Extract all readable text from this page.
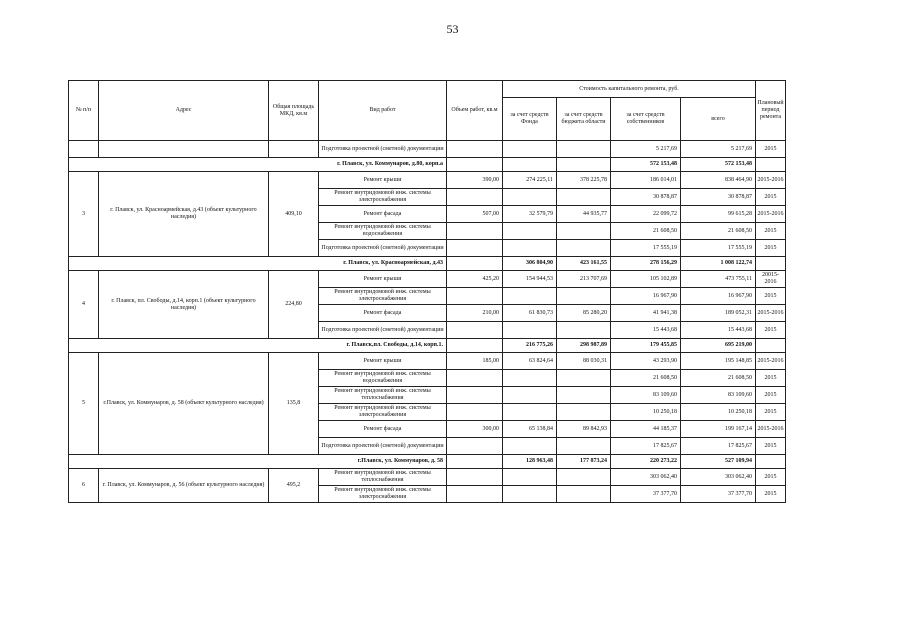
53
№ п/п	Адрес	Общая площадь МКД, кв.м	Вид работ	Объем работ, кв.м	Стоимость капитального ремонта, руб.				Плановый период ремонта
					за счет средств Фонда	за счет средств бюджета области	за счет средств собственников	всего	
			Подготовка проектной (сметной) документации				5 217,69	5 217,69	2015
г. Плавск, ул. Коммунаров, д.80, корп.а							572 153,48	572 153,48	
3	г. Плавск, ул. Красноармейская, д.43 (объект культурного наследия)	409,10	Ремонт крыши	390,00	274 225,11	378 225,78	186 014,01	838 464,90	2015-2016
			Ремонт внутридомовой инж. системы электроснабжения				30 878,87	30 878,87	2015
			Ремонт фасада	507,00	32 579,79	44 935,77	22 099,72	99 615,28	2015-2016
			Ремонт внутридомовой инж. системы водоснабжения				21 608,50	21 608,50	2015
			Подготовка проектной (сметной) документации				17 555,19	17 555,19	2015
г. Плавск, ул. Красноармейская, д.43					306 804,90	423 161,55	278 156,29	1 008 122,74	
4	г. Плавск, пл. Свободы, д.14, корп.1 (объект культурного наследия)	224,80	Ремонт крыши	425,20	154 944,53	213 707,69	105 102,89	473 755,11	20015-2016
			Ремонт внутридомовой инж. системы электроснабжения				16 967,90	16 967,90	2015
			Ремонт фасада	210,00	61 830,73	85 280,20	41 941,38	189 052,31	2015-2016
			Подготовка проектной (сметной) документации				15 443,68	15 443,68	2015
г. Плавск,пл. Свободы, д.14, корп.1.					216 775,26	298 987,89	179 455,85	695 219,00	
5	г.Плавск, ул. Коммунаров, д. 58 (объект культурного наследия)	135,8	Ремонт крыши	185,00	63 824,64	88 030,31	43 293,90	195 148,85	2015-2016
			Ремонт внутридомовой инж. системы водоснабжения				21 608,50	21 608,50	2015
			Ремонт внутридомовой инж. системы теплоснабжения				83 109,60	83 109,60	2015
			Ремонт внутридомовой инж. системы электроснабжения				10 250,18	10 250,18	2015
			Ремонт фасада	300,00	65 138,84	89 842,93	44 185,37	199 167,14	2015-2016
			Подготовка проектной (сметной) документации				17 825,67	17 825,67	2015
г.Плавск, ул. Коммунаров, д. 58					128 963,48	177 873,24	220 273,22	527 109,94	
6	г. Плавск, ул. Коммунаров, д. 56 (объект культурного наследия)	495,2	Ремонт внутридомовой инж. системы теплоснабжения				303 062,40	303 062,40	2015
			Ремонт внутридомовой инж. системы электроснабжения				37 377,70	37 377,70	2015
